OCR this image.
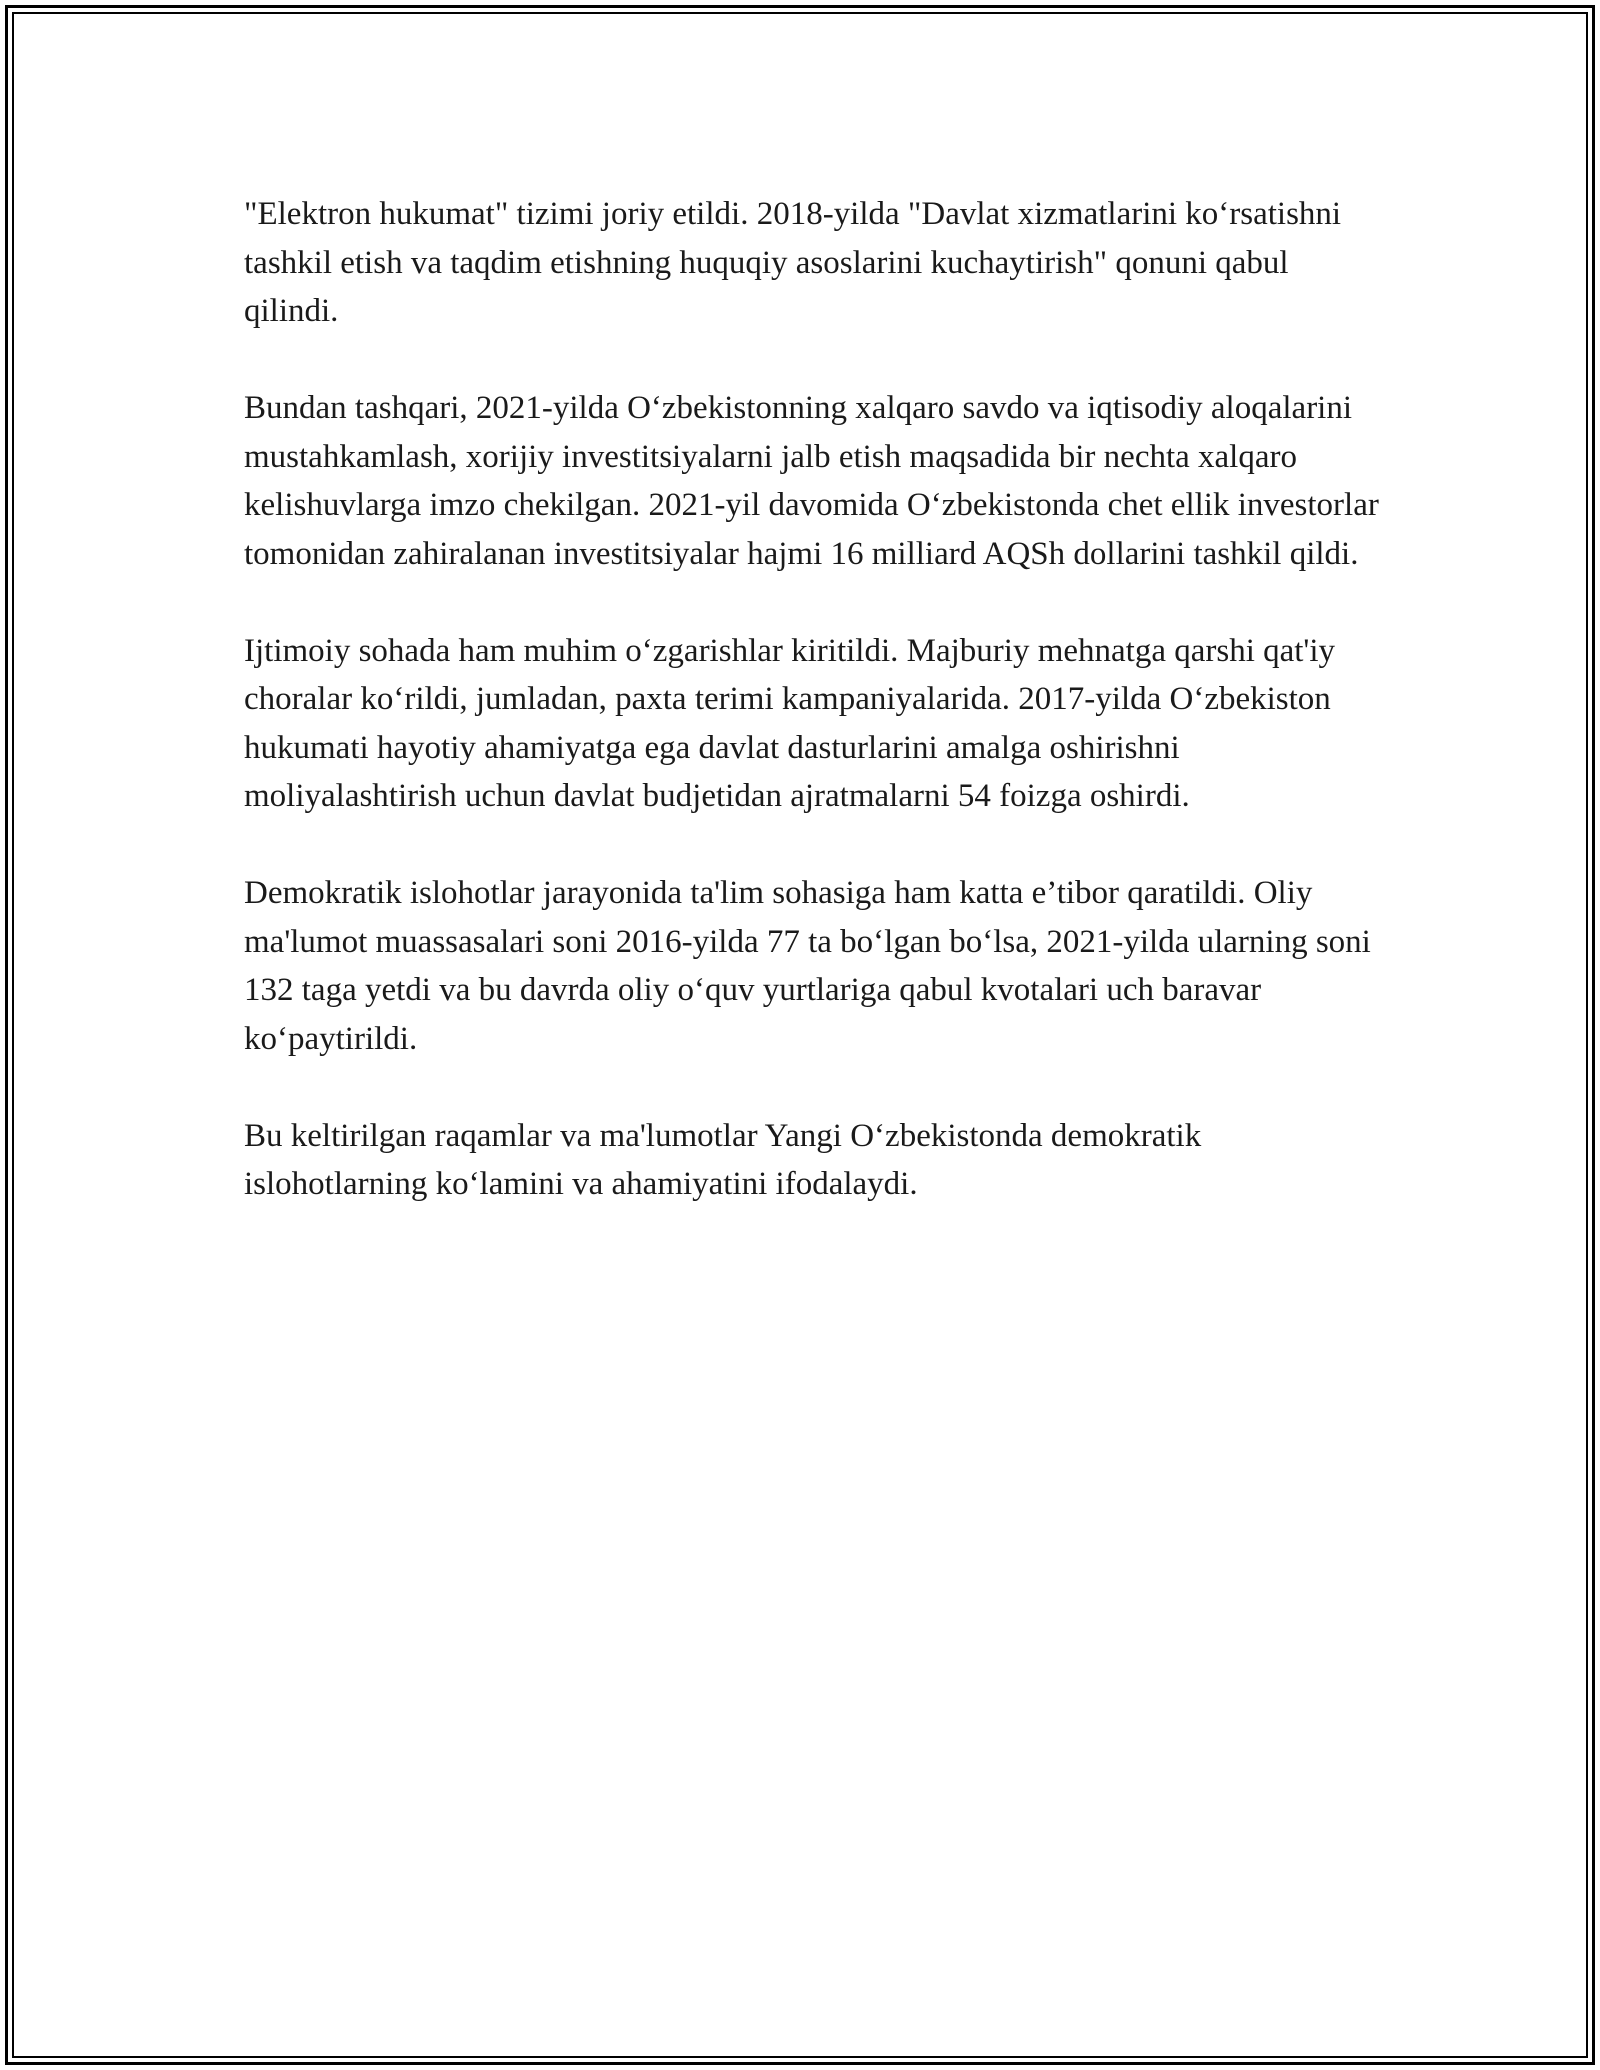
"Elektron hukumat" tizimi joriy etildi. 2018-yilda "Davlat xizmatlarini ko‘rsatishni tashkil etish va taqdim etishning huquqiy asoslarini kuchaytirish" qonuni qabul qilindi.

Bundan tashqari, 2021-yilda O‘zbekistonning xalqaro savdo va iqtisodiy aloqalarini mustahkamlash, xorijiy investitsiyalarni jalb etish maqsadida bir nechta xalqaro kelishuvlarga imzo chekilgan. 2021-yil davomida O‘zbekistonda chet ellik investorlar tomonidan zahiralanan investitsiyalar hajmi 16 milliard AQSh dollarini tashkil qildi.

Ijtimoiy sohada ham muhim o‘zgarishlar kiritildi. Majburiy mehnatga qarshi qat'iy choralar ko‘rildi, jumladan, paxta terimi kampaniyalarida. 2017-yilda O‘zbekiston hukumati hayotiy ahamiyatga ega davlat dasturlarini amalga oshirishni moliyalashtirish uchun davlat budjetidan ajratmalarni 54 foizga oshirdi.

Demokratik islohotlar jarayonida ta'lim sohasiga ham katta e’tibor qaratildi. Oliy ma'lumot muassasalari soni 2016-yilda 77 ta bo‘lgan bo‘lsa, 2021-yilda ularning soni 132 taga yetdi va bu davrda oliy o‘quv yurtlariga qabul kvotalari uch baravar ko‘paytirildi.

Bu keltirilgan raqamlar va ma'lumotlar Yangi O‘zbekistonda demokratik islohotlarning ko‘lamini va ahamiyatini ifodalaydi.
